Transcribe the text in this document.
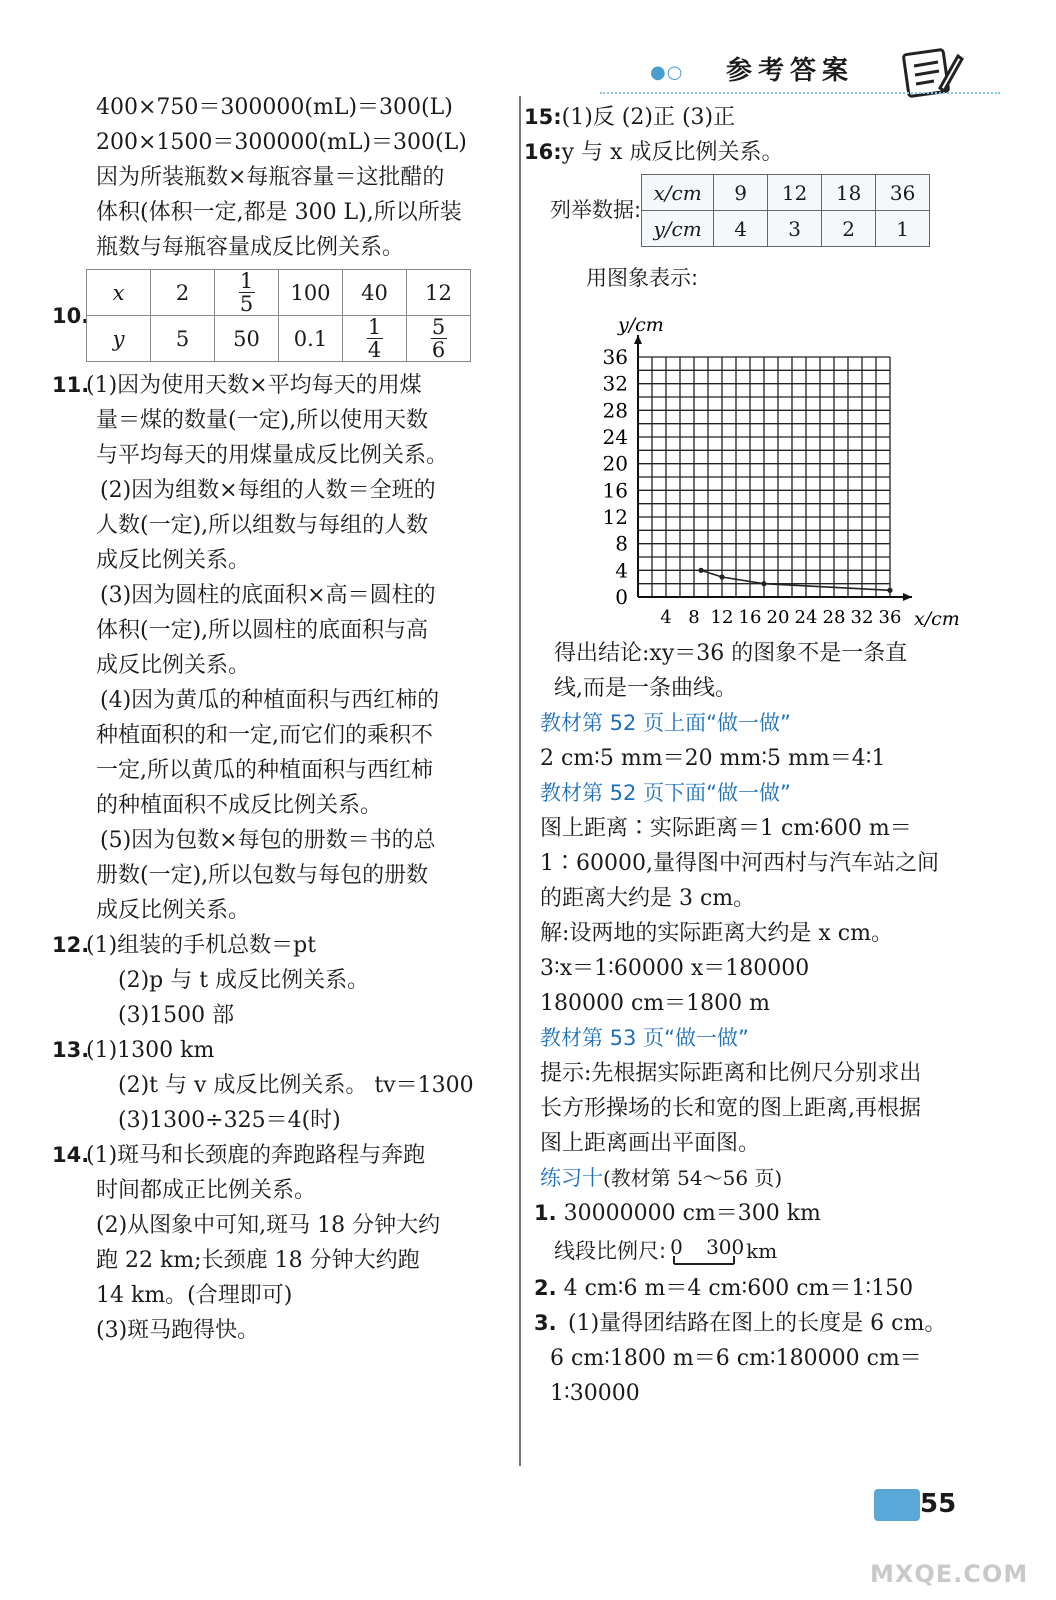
●○ 参考答案
400×750＝300000(mL)＝300(L)
200×1500＝300000(mL)＝300(L)
因为所装瓶数×每瓶容量＝这批醋的
体积(体积一定,都是 300 L),所以所装
瓶数与每瓶容量成反比例关系。
10.
x	2	$\frac{1}{5}$	100	40	12
y	5	50	0.1	$\frac{1}{4}$	$\frac{5}{6}$
11.(1)因为使用天数×平均每天的用煤
量＝煤的数量(一定),所以使用天数
与平均每天的用煤量成反比例关系。
(2)因为组数×每组的人数＝全班的
人数(一定),所以组数与每组的人数
成反比例关系。
(3)因为圆柱的底面积×高＝圆柱的
体积(一定),所以圆柱的底面积与高
成反比例关系。
(4)因为黄瓜的种植面积与西红柿的
种植面积的和一定,而它们的乘积不
一定,所以黄瓜的种植面积与西红柿
的种植面积不成反比例关系。
(5)因为包数×每包的册数＝书的总
册数(一定),所以包数与每包的册数
成反比例关系。
12.(1)组装的手机总数＝pt
(2)p 与 t 成反比例关系。
(3)1500 部
13.(1)1300 km
(2)t 与 v 成反比例关系。 tv＝1300
(3)1300÷325＝4(时)
14.(1)斑马和长颈鹿的奔跑路程与奔跑
时间都成正比例关系。
(2)从图象中可知,斑马 18 分钟大约
跑 22 km;长颈鹿 18 分钟大约跑
14 km。(合理即可)
(3)斑马跑得快。
15:(1)反 (2)正 (3)正
16:y 与 x 成反比例关系。
列举数据:
x/cm	9	12	18	36
y/cm	4	3	2	1
用图象表示:
0
4
8
12
16
20
24
28
32
36
4 8 12 16 20 24 28 32 36 x/cm
y/cm
得出结论:xy＝36 的图象不是一条直
线,而是一条曲线。
教材第 52 页上面“做一做”
2 cm∶5 mm＝20 mm∶5 mm＝4∶1
教材第 52 页下面“做一做”
图上距离∶实际距离＝1 cm∶600 m＝
1∶60000,量得图中河西村与汽车站之间
的距离大约是 3 cm。
解:设两地的实际距离大约是 x cm。
3∶x＝1∶60000 x＝180000
180000 cm＝1800 m
教材第 53 页“做一做”
提示:先根据实际距离和比例尺分别求出
长方形操场的长和宽的图上距离,再根据
图上距离画出平面图。
练习十(教材第 54～56 页)
1. 30000000 cm＝300 km
线段比例尺: 0 300 km
2. 4 cm∶6 m＝4 cm∶600 cm＝1∶150
3. (1)量得团结路在图上的长度是 6 cm。
6 cm∶1800 m＝6 cm∶180000 cm＝
1∶30000
55
MXQE.COM
